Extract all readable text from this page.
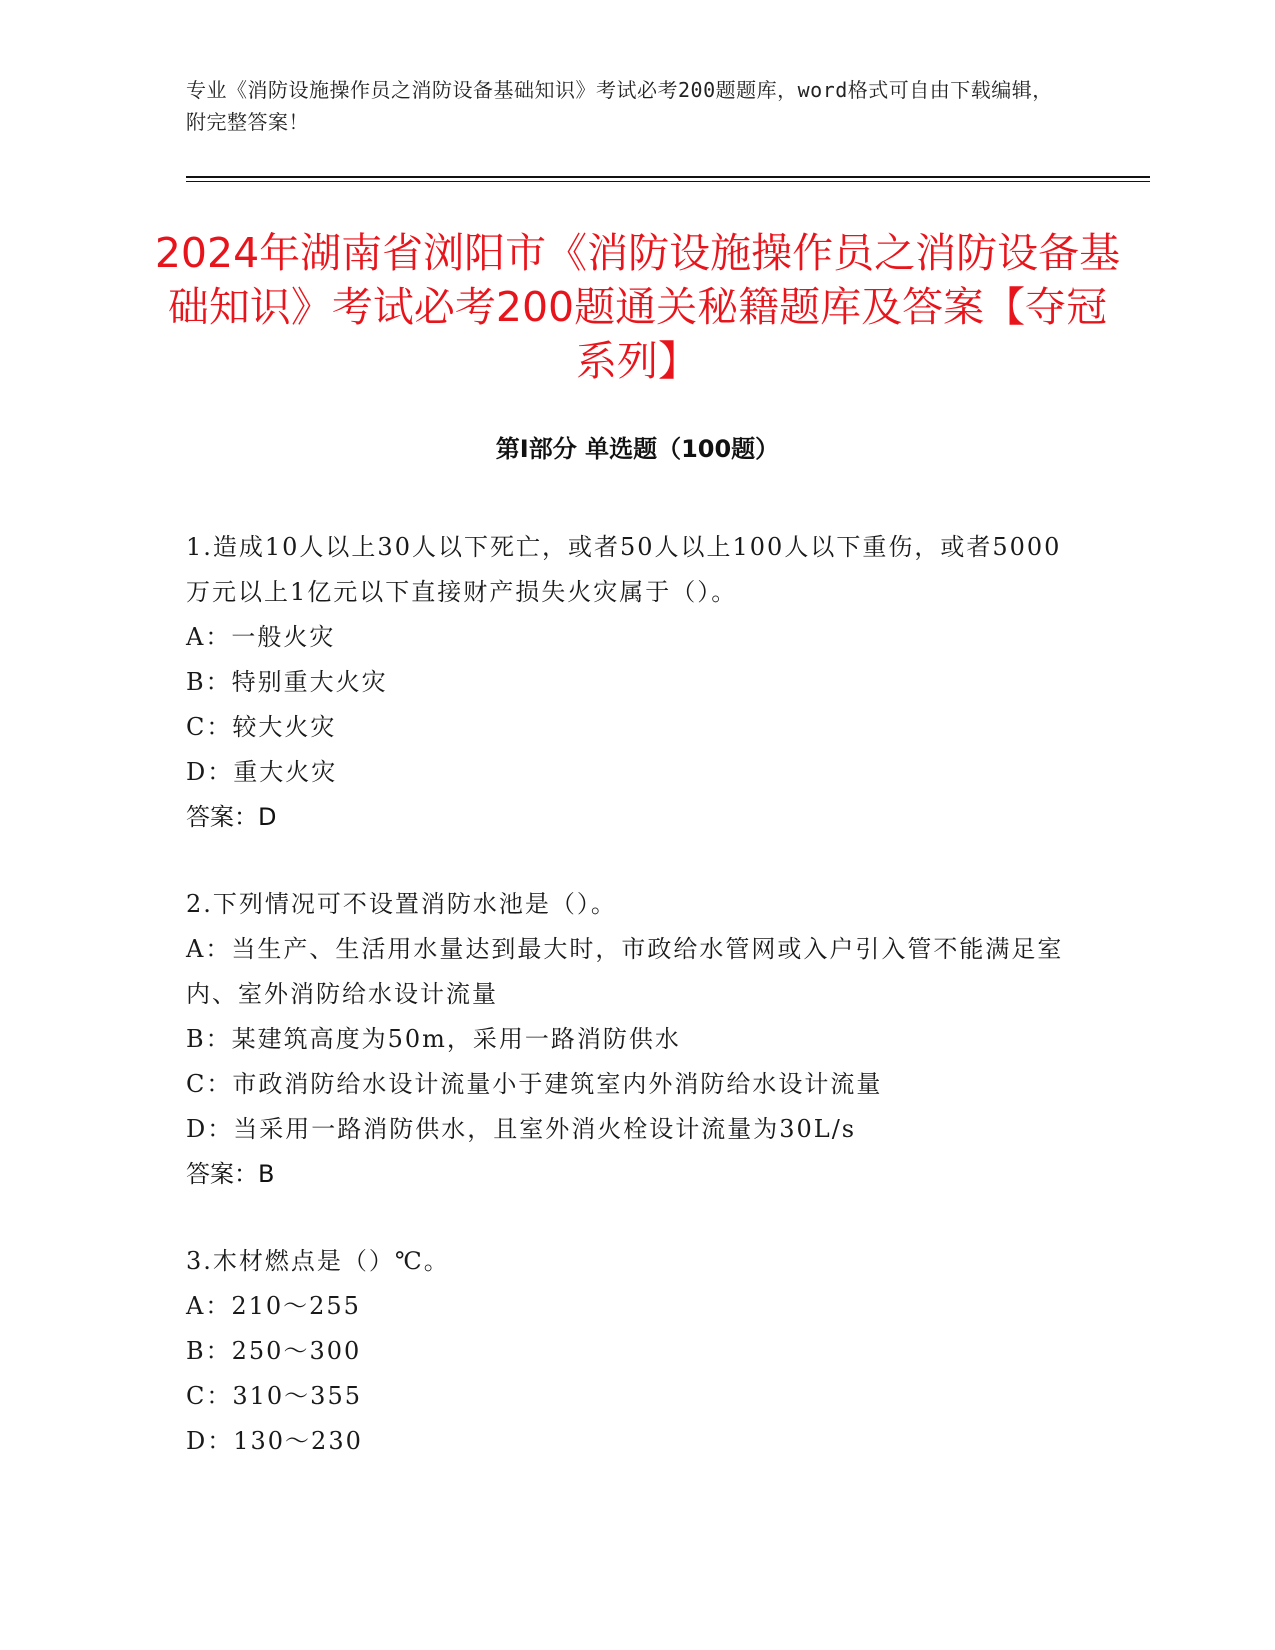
专业《消防设施操作员之消防设备基础知识》考试必考200题题库，word格式可自由下载编辑，附完整答案！
2024年湖南省浏阳市《消防设施操作员之消防设备基础知识》考试必考200题通关秘籍题库及答案【夺冠系列】
第I部分 单选题（100题）

1.造成10人以上30人以下死亡，或者50人以上100人以下重伤，或者5000万元以上1亿元以下直接财产损失火灾属于（）。

A：一般火灾

B：特别重大火灾

C：较大火灾

D：重大火灾

答案：D

2.下列情况可不设置消防水池是（）。

A：当生产、生活用水量达到最大时，市政给水管网或入户引入管不能满足室内、室外消防给水设计流量

B：某建筑高度为50m，采用一路消防供水

C：市政消防给水设计流量小于建筑室内外消防给水设计流量

D：当采用一路消防供水，且室外消火栓设计流量为30L/s

答案：B

3.木材燃点是（）℃。

A：210～255

B：250～300

C：310～355

D：130～230
